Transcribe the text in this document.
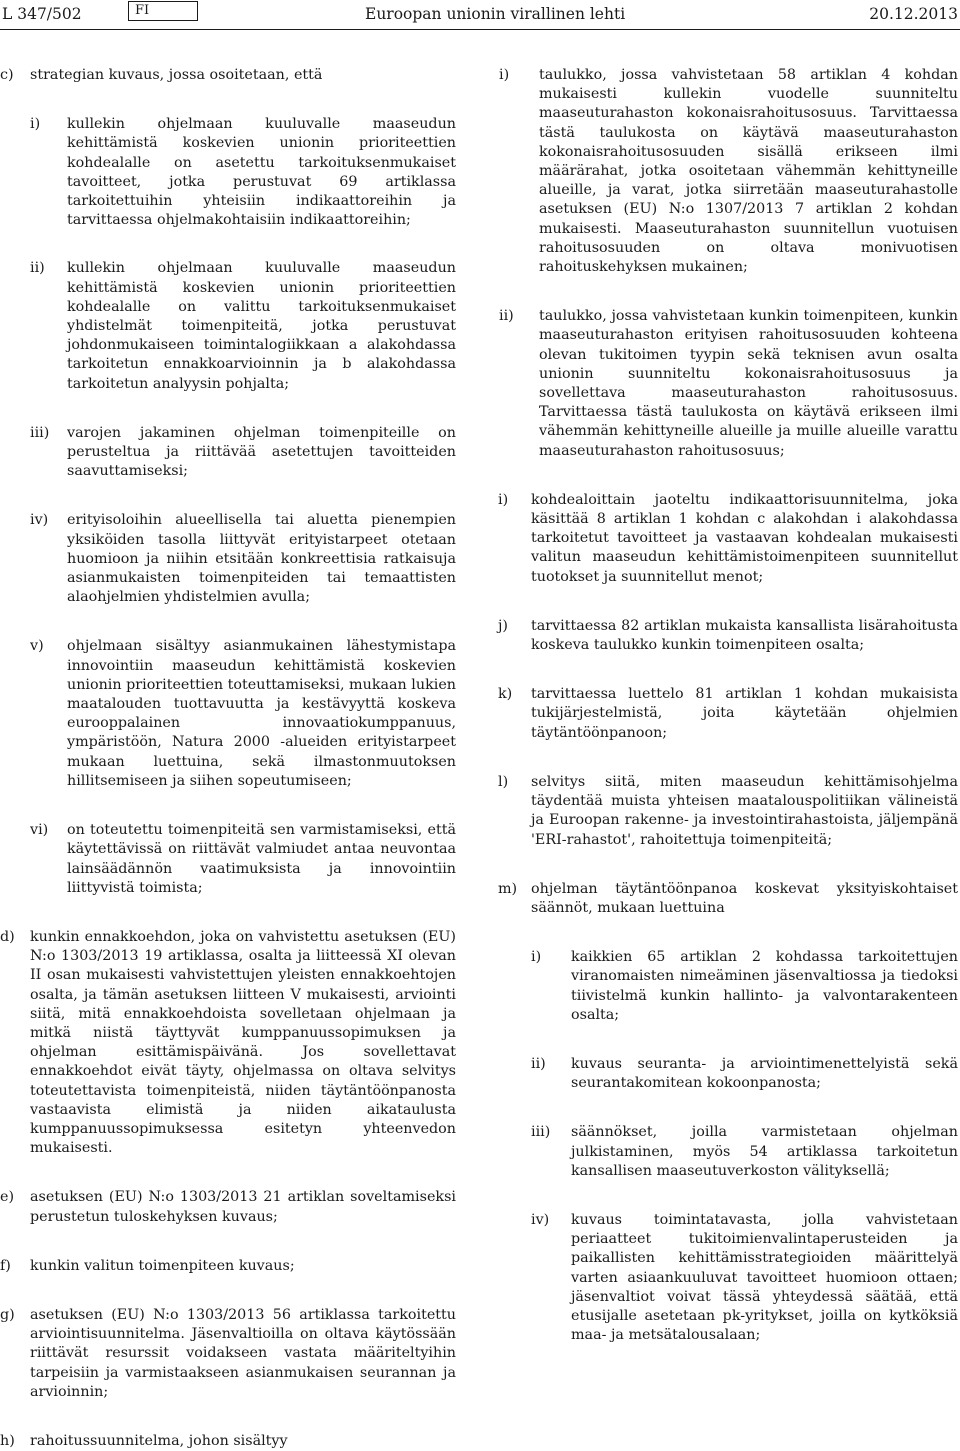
L 347/502	FI	Euroopan unionin virallinen lehti	20.12.2013
c) strategian kuvaus, jossa osoitetaan, että
i) kullekin ohjelmaan kuuluvalle maaseudun kehittämistä koskevien unionin prioriteettien kohdealalle on asetettu tarkoituksenmukaiset tavoitteet, jotka perustuvat 69 artiklassa tarkoitettuihin yhteisiin indikaattoreihin ja tarvittaessa ohjelmakohtaisiin indikaattoreihin;
ii) kullekin ohjelmaan kuuluvalle maaseudun kehittämistä koskevien unionin prioriteettien kohdealalle on valittu tarkoituksenmukaiset yhdistelmät toimenpiteitä, jotka perustuvat johdonmukaiseen toimintalogiikkaan a alakohdassa tarkoitetun ennakkoarvioinnin ja b alakohdassa tarkoitetun analyysin pohjalta;
iii) varojen jakaminen ohjelman toimenpiteille on perusteltua ja riittävää asetettujen tavoitteiden saavuttamiseksi;
iv) erityisoloihin alueellisella tai aluetta pienempien yksiköiden tasolla liittyvät erityistarpeet otetaan huomioon ja niihin etsitään konkreettisia ratkaisuja asianmukaisten toimenpiteiden tai temaattisten alaohjelmien yhdistelmien avulla;
v) ohjelmaan sisältyy asianmukainen lähestymistapa innovointiin maaseudun kehittämistä koskevien unionin prioriteettien toteuttamiseksi, mukaan lukien maatalouden tuottavuutta ja kestävyyttä koskeva eurooppalainen innovaatiokumppanuus, ympäristöön, Natura 2000 -alueiden erityistarpeet mukaan luettuina, sekä ilmastonmuutoksen hillitsemiseen ja siihen sopeutumiseen;
vi) on toteutettu toimenpiteitä sen varmistamiseksi, että käytettävissä on riittävät valmiudet antaa neuvontaa lainsäädännön vaatimuksista ja innovointiin liittyvistä toimista;
d) kunkin ennakkoehdon, joka on vahvistettu asetuksen (EU) N:o 1303/2013 19 artiklassa, osalta ja liitteessä XI olevan II osan mukaisesti vahvistettujen yleisten ennakkoehtojen osalta, ja tämän asetuksen liitteen V mukaisesti, arviointi siitä, mitä ennakkoehdoista sovelletaan ohjelmaan ja mitkä niistä täyttyvät kumppanuussopimuksen ja ohjelman esittämispäivänä. Jos sovellettavat ennakkoehdot eivät täyty, ohjelmassa on oltava selvitys toteutettavista toimenpiteistä, niiden täytäntöönpanosta vastaavista elimistä ja niiden aikataulusta kumppanuussopimuksessa esitetyn yhteenvedon mukaisesti.
e) asetuksen (EU) N:o 1303/2013 21 artiklan soveltamiseksi perustetun tuloskehyksen kuvaus;
f) kunkin valitun toimenpiteen kuvaus;
g) asetuksen (EU) N:o 1303/2013 56 artiklassa tarkoitettu arviointisuunnitelma. Jäsenvaltioilla on oltava käytössään riittävät resurssit voidakseen vastata määriteltyihin tarpeisiin ja varmistaakseen asianmukaisen seurannan ja arvioinnin;
h) rahoitussuunnitelma, johon sisältyy
i) taulukko, jossa vahvistetaan 58 artiklan 4 kohdan mukaisesti kullekin vuodelle suunniteltu maaseuturahaston kokonaisrahoitusosuus. Tarvittaessa tästä taulukosta on käytävä maaseuturahaston kokonaisrahoitusosuuden sisällä erikseen ilmi määrärahat, jotka osoitetaan vähemmän kehittyneille alueille, ja varat, jotka siirretään maaseuturahastolle asetuksen (EU) N:o 1307/2013 7 artiklan 2 kohdan mukaisesti. Maaseuturahaston suunnitellun vuotuisen rahoitusosuuden on oltava monivuotisen rahoituskehyksen mukainen;
ii) taulukko, jossa vahvistetaan kunkin toimenpiteen, kunkin maaseuturahaston erityisen rahoitusosuuden kohteena olevan tukitoimen tyypin sekä teknisen avun osalta unionin suunniteltu kokonaisrahoitusosuus ja sovellettava maaseuturahaston rahoitusosuus. Tarvittaessa tästä taulukosta on käytävä erikseen ilmi vähemmän kehittyneille alueille ja muille alueille varattu maaseuturahaston rahoitusosuus;
i) kohdealoittain jaoteltu indikaattorisuunnitelma, joka käsittää 8 artiklan 1 kohdan c alakohdan i alakohdassa tarkoitetut tavoitteet ja vastaavan kohdealan mukaisesti valitun maaseudun kehittämistoimenpiteen suunnitellut tuotokset ja suunnitellut menot;
j) tarvittaessa 82 artiklan mukaista kansallista lisärahoitusta koskeva taulukko kunkin toimenpiteen osalta;
k) tarvittaessa luettelo 81 artiklan 1 kohdan mukaisista tukijärjestelmistä, joita käytetään ohjelmien täytäntöönpanoon;
l) selvitys siitä, miten maaseudun kehittämisohjelma täydentää muista yhteisen maatalouspolitiikan välineistä ja Euroopan rakenne- ja investointirahastoista, jäljempänä 'ERI-rahastot', rahoitettuja toimenpiteitä;
m) ohjelman täytäntöönpanoa koskevat yksityiskohtaiset säännöt, mukaan luettuina
i) kaikkien 65 artiklan 2 kohdassa tarkoitettujen viranomaisten nimeäminen jäsenvaltiossa ja tiedoksi tiivistelmä kunkin hallinto- ja valvontarakenteen osalta;
ii) kuvaus seuranta- ja arviointimenettelyistä sekä seurantakomitean kokoonpanosta;
iii) säännökset, joilla varmistetaan ohjelman julkistaminen, myös 54 artiklassa tarkoitetun kansallisen maaseutuverkoston välityksellä;
iv) kuvaus toimintatavasta, jolla vahvistetaan periaatteet tukitoimienvalintaperusteiden ja paikallisten kehittämisstrategioiden määrittelyä varten asiaankuuluvat tavoitteet huomioon ottaen; jäsenvaltiot voivat tässä yhteydessä säätää, että etusijalle asetetaan pk-yritykset, joilla on kytköksiä maa- ja metsätalousalaan;
